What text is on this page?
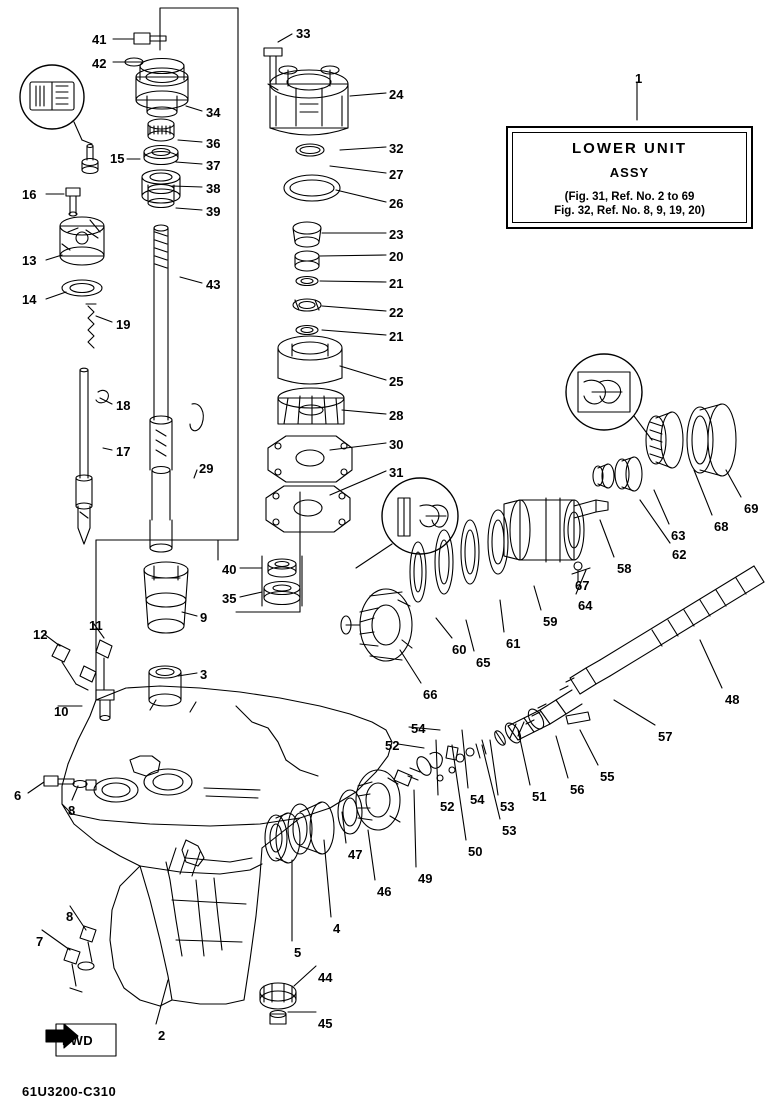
LOWER UNIT
ASSY
(Fig. 31, Ref. No. 2 to 69
Fig. 32, Ref. No. 8, 9, 19, 20)
FWD
61U3200-C310
41
42
33
1
24
34
36	32
37
27
15
38
16
26
39
23
13	20
43	21
14
22
19
21
25
18
28
17
29
30
31
69
68
63
62
58
67
64
40
35
59
61
65
60
66
9
48
11
12
3
10
57
54
52
55
56
51
53
54
52
50
53
6
8
49
46
47
4
5
8
7
44
45
2
